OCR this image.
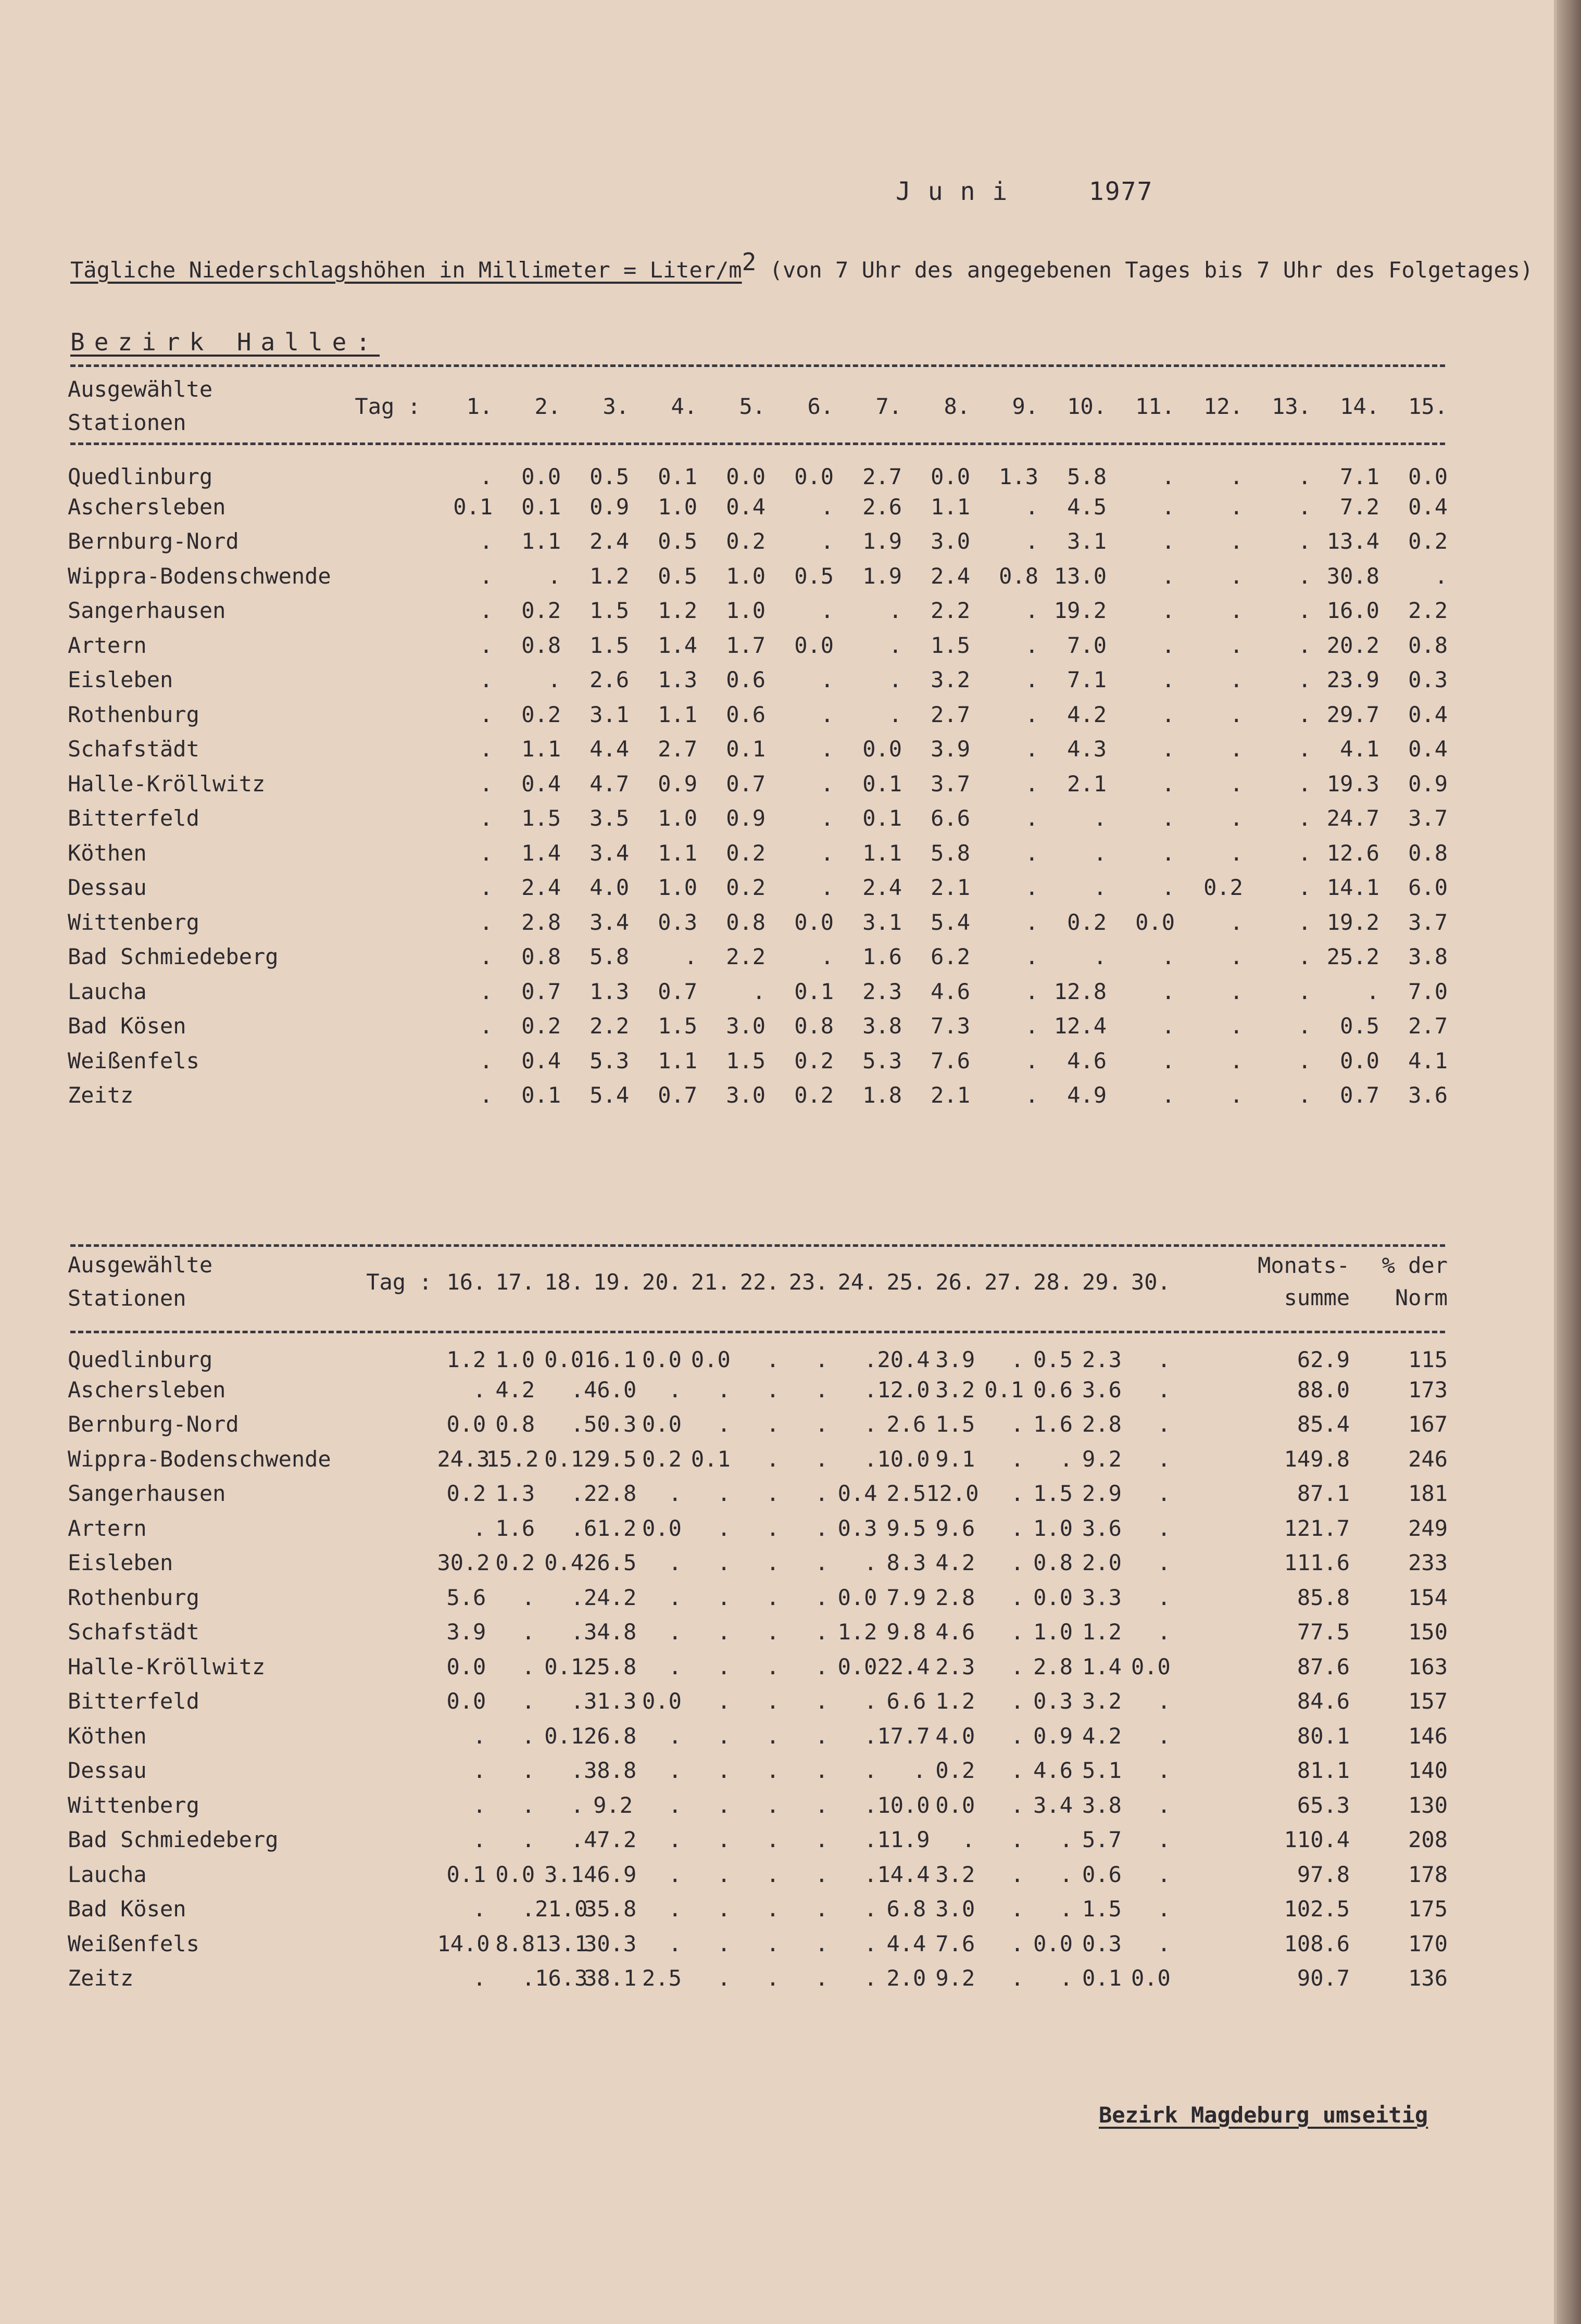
J u n i	1977
Tägliche Niederschlagshöhen in Millimeter = Liter/$m^2$ (von 7 Uhr des angegebenen Tages bis 7 Uhr des Folgetages)
Bezirk Halle:
Ausgewählte
Stationen	Tag :	1.	2.	3.	4.	5.	6.	7.	8.	9.	10.	11.	12.	13.	14.	15.
Quedlinburg		.	0.0	0.5	0.1	0.0	0.0	2.7	0.0	1.3	5.8	.	.	.	7.1	0.0
Aschersleben		0.1	0.1	0.9	1.0	0.4	.	2.6	1.1	.	4.5	.	.	.	7.2	0.4
Bernburg-Nord		.	1.1	2.4	0.5	0.2	.	1.9	3.0	.	3.1	.	.	.	13.4	0.2
Wippra-Bodenschwende		.	.	1.2	0.5	1.0	0.5	1.9	2.4	0.8	13.0	.	.	.	30.8	.
Sangerhausen		.	0.2	1.5	1.2	1.0	.	.	2.2	.	19.2	.	.	.	16.0	2.2
Artern		.	0.8	1.5	1.4	1.7	0.0	.	1.5	.	7.0	.	.	.	20.2	0.8
Eisleben		.	.	2.6	1.3	0.6	.	.	3.2	.	7.1	.	.	.	23.9	0.3
Rothenburg		.	0.2	3.1	1.1	0.6	.	.	2.7	.	4.2	.	.	.	29.7	0.4
Schafstädt		.	1.1	4.4	2.7	0.1	.	0.0	3.9	.	4.3	.	.	.	4.1	0.4
Halle-Kröllwitz		.	0.4	4.7	0.9	0.7	.	0.1	3.7	.	2.1	.	.	.	19.3	0.9
Bitterfeld		.	1.5	3.5	1.0	0.9	.	0.1	6.6	.	.	.	.	.	24.7	3.7
Köthen		.	1.4	3.4	1.1	0.2	.	1.1	5.8	.	.	.	.	.	12.6	0.8
Dessau		.	2.4	4.0	1.0	0.2	.	2.4	2.1	.	.	.	0.2	.	14.1	6.0
Wittenberg		.	2.8	3.4	0.3	0.8	0.0	3.1	5.4	.	0.2	0.0	.	.	19.2	3.7
Bad Schmiedeberg		.	0.8	5.8	.	2.2	.	1.6	6.2	.	.	.	.	.	25.2	3.8
Laucha		.	0.7	1.3	0.7	.	0.1	2.3	4.6	.	12.8	.	.	.	.	7.0
Bad Kösen		.	0.2	2.2	1.5	3.0	0.8	3.8	7.3	.	12.4	.	.	.	0.5	2.7
Weißenfels		.	0.4	5.3	1.1	1.5	0.2	5.3	7.6	.	4.6	.	.	.	0.0	4.1
Zeitz		.	0.1	5.4	0.7	3.0	0.2	1.8	2.1	.	4.9	.	.	.	0.7	3.6
Ausgewählte
Stationen	Tag :	16.	17.	18.	19.	20.	21.	22.	23.	24.	25.	26.	27.	28.	29.	30.	Monats-
summe	% der
Norm
Quedlinburg		1.2	1.0	0.0	16.1	0.0	0.0	.	.	.	20.4	3.9	.	0.5	2.3	.	62.9	115
Aschersleben		.	4.2	.	46.0	.	.	.	.	.	12.0	3.2	0.1	0.6	3.6	.	88.0	173
Bernburg-Nord		0.0	0.8	.	50.3	0.0	.	.	.	.	2.6	1.5	.	1.6	2.8	.	85.4	167
Wippra-Bodenschwende		24.3	15.2	0.1	29.5	0.2	0.1	.	.	.	10.0	9.1	.	.	9.2	.	149.8	246
Sangerhausen		0.2	1.3	.	22.8	.	.	.	.	0.4	2.5	12.0	.	1.5	2.9	.	87.1	181
Artern		.	1.6	.	61.2	0.0	.	.	.	0.3	9.5	9.6	.	1.0	3.6	.	121.7	249
Eisleben		30.2	0.2	0.4	26.5	.	.	.	.	.	8.3	4.2	.	0.8	2.0	.	111.6	233
Rothenburg		5.6	.	.	24.2	.	.	.	.	0.0	7.9	2.8	.	0.0	3.3	.	85.8	154
Schafstädt		3.9	.	.	34.8	.	.	.	.	1.2	9.8	4.6	.	1.0	1.2	.	77.5	150
Halle-Kröllwitz		0.0	.	0.1	25.8	.	.	.	.	0.0	22.4	2.3	.	2.8	1.4	0.0	87.6	163
Bitterfeld		0.0	.	.	31.3	0.0	.	.	.	.	6.6	1.2	.	0.3	3.2	.	84.6	157
Köthen		.	.	0.1	26.8	.	.	.	.	.	17.7	4.0	.	0.9	4.2	.	80.1	146
Dessau		.	.	.	38.8	.	.	.	.	.	.	0.2	.	4.6	5.1	.	81.1	140
Wittenberg		.	.	.	9.2	.	.	.	.	.	10.0	0.0	.	3.4	3.8	.	65.3	130
Bad Schmiedeberg		.	.	.	47.2	.	.	.	.	.	11.9	.	.	.	5.7	.	110.4	208
Laucha		0.1	0.0	3.1	46.9	.	.	.	.	.	14.4	3.2	.	.	0.6	.	97.8	178
Bad Kösen		.	.	21.0	35.8	.	.	.	.	.	6.8	3.0	.	.	1.5	.	102.5	175
Weißenfels		14.0	8.8	13.1	30.3	.	.	.	.	.	4.4	7.6	.	0.0	0.3	.	108.6	170
Zeitz		.	.	16.3	38.1	2.5	.	.	.	.	2.0	9.2	.	.	0.1	0.0	90.7	136
Bezirk Magdeburg umseitig
